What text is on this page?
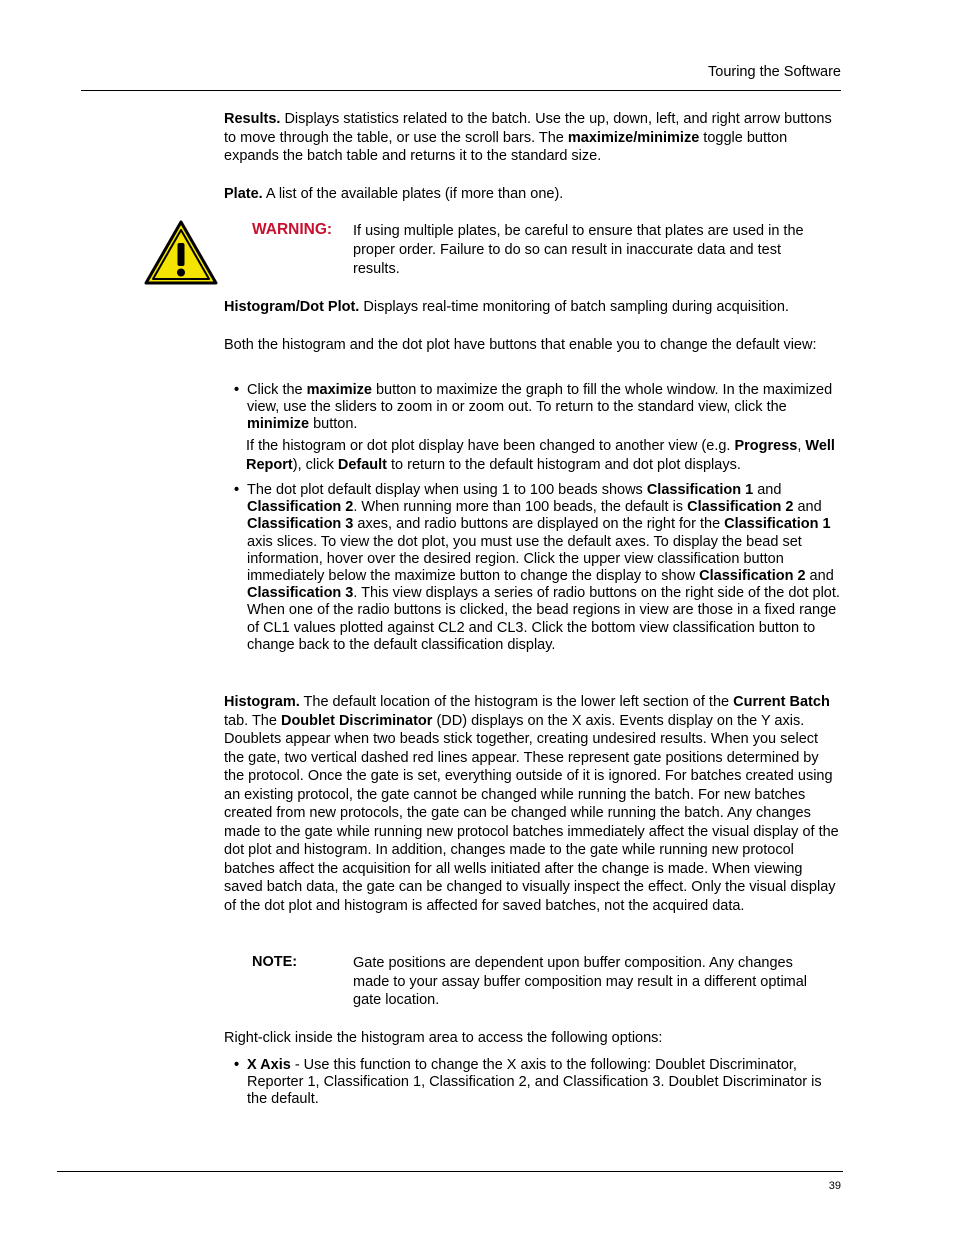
Touring the Software
Results. Displays statistics related to the batch. Use the up, down, left, and right arrow buttons to move through the table, or use the scroll bars. The maximize/minimize toggle button expands the batch table and returns it to the standard size.
Plate. A list of the available plates (if more than one).
WARNING: If using multiple plates, be careful to ensure that plates are used in the proper order. Failure to do so can result in inaccurate data and test results.
Histogram/Dot Plot. Displays real-time monitoring of batch sampling during acquisition.
Both the histogram and the dot plot have buttons that enable you to change the default view:
• Click the maximize button to maximize the graph to fill the whole window. In the maximized view, use the sliders to zoom in or zoom out. To return to the standard view, click the minimize button.
If the histogram or dot plot display have been changed to another view (e.g. Progress, Well Report), click Default to return to the default histogram and dot plot displays.
• The dot plot default display when using 1 to 100 beads shows Classification 1 and Classification 2. When running more than 100 beads, the default is Classification 2 and Classification 3 axes, and radio buttons are displayed on the right for the Classification 1 axis slices. To view the dot plot, you must use the default axes. To display the bead set information, hover over the desired region. Click the upper view classification button immediately below the maximize button to change the display to show Classification 2 and Classification 3. This view displays a series of radio buttons on the right side of the dot plot. When one of the radio buttons is clicked, the bead regions in view are those in a fixed range of CL1 values plotted against CL2 and CL3. Click the bottom view classification button to change back to the default classification display.
Histogram. The default location of the histogram is the lower left section of the Current Batch tab. The Doublet Discriminator (DD) displays on the X axis. Events display on the Y axis. Doublets appear when two beads stick together, creating undesired results. When you select the gate, two vertical dashed red lines appear. These represent gate positions determined by the protocol. Once the gate is set, everything outside of it is ignored. For batches created using an existing protocol, the gate cannot be changed while running the batch. For new batches created from new protocols, the gate can be changed while running the batch. Any changes made to the gate while running new protocol batches immediately affect the visual display of the dot plot and histogram. In addition, changes made to the gate while running new protocol batches affect the acquisition for all wells initiated after the change is made. When viewing saved batch data, the gate can be changed to visually inspect the effect. Only the visual display of the dot plot and histogram is affected for saved batches, not the acquired data.
NOTE:	Gate positions are dependent upon buffer composition. Any changes made to your assay buffer composition may result in a different optimal gate location.
Right-click inside the histogram area to access the following options:
• X Axis - Use this function to change the X axis to the following: Doublet Discriminator, Reporter 1, Classification 1, Classification 2, and Classification 3. Doublet Discriminator is the default.
39
